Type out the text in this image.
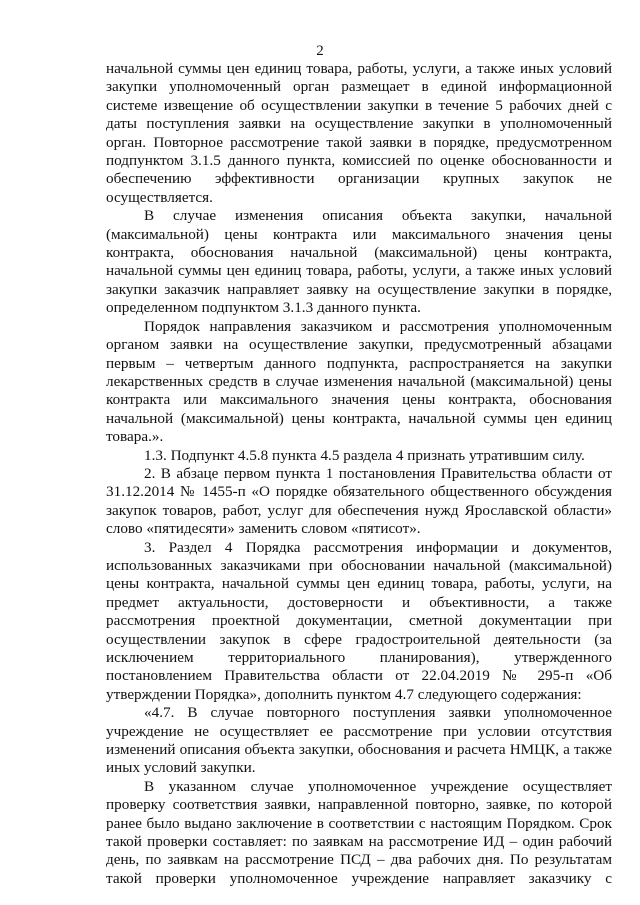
2

начальной суммы цен единиц товара, работы, услуги, а также иных условий закупки уполномоченный орган размещает в единой информационной системе извещение об осуществлении закупки в течение 5 рабочих дней с даты поступления заявки на осуществление закупки в уполномоченный орган. Повторное рассмотрение такой заявки в порядке, предусмотренном подпунктом 3.1.5 данного пункта, комиссией по оценке обоснованности и обеспечению эффективности организации крупных закупок не осуществляется.

В случае изменения описания объекта закупки, начальной (максимальной) цены контракта или максимального значения цены контракта, обоснования начальной (максимальной) цены контракта, начальной суммы цен единиц товара, работы, услуги, а также иных условий закупки заказчик направляет заявку на осуществление закупки в порядке, определенном подпунктом 3.1.3 данного пункта.

Порядок направления заказчиком и рассмотрения уполномоченным органом заявки на осуществление закупки, предусмотренный абзацами первым – четвертым данного подпункта, распространяется на закупки лекарственных средств в случае изменения начальной (максимальной) цены контракта или максимального значения цены контракта, обоснования начальной (максимальной) цены контракта, начальной суммы цен единиц товара.».

1.3. Подпункт 4.5.8 пункта 4.5 раздела 4 признать утратившим силу.

2. В абзаце первом пункта 1 постановления Правительства области от 31.12.2014 № 1455-п «О порядке обязательного общественного обсуждения закупок товаров, работ, услуг для обеспечения нужд Ярославской области» слово «пятидесяти» заменить словом «пятисот».

3. Раздел 4 Порядка рассмотрения информации и документов, использованных заказчиками при обосновании начальной (максимальной) цены контракта, начальной суммы цен единиц товара, работы, услуги, на предмет актуальности, достоверности и объективности, а также рассмотрения проектной документации, сметной документации при осуществлении закупок в сфере градостроительной деятельности (за исключением территориального планирования), утвержденного постановлением Правительства области от 22.04.2019 № 295-п «Об утверждении Порядка», дополнить пунктом 4.7 следующего содержания:

«4.7. В случае повторного поступления заявки уполномоченное учреждение не осуществляет ее рассмотрение при условии отсутствия изменений описания объекта закупки, обоснования и расчета НМЦК, а также иных условий закупки.

В указанном случае уполномоченное учреждение осуществляет проверку соответствия заявки, направленной повторно, заявке, по которой ранее было выдано заключение в соответствии с настоящим Порядком. Срок такой проверки составляет: по заявкам на рассмотрение ИД – один рабочий день, по заявкам на рассмотрение ПСД – два рабочих дня. По результатам такой проверки уполномоченное учреждение направляет заказчику с
